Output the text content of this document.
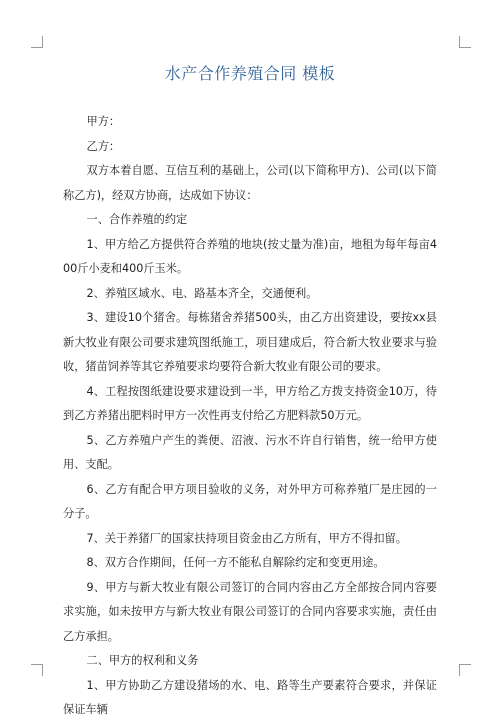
水产合作养殖合同 模板

甲方：

乙方：

双方本着自愿、互信互利的基础上，公司(以下简称甲方)、公司(以下简称乙方)，经双方协商，达成如下协议：

一、合作养殖的约定

1、甲方给乙方提供符合养殖的地块(按丈量为准)亩，地租为每年每亩400斤小麦和400斤玉米。

2、养殖区域水、电、路基本齐全，交通便利。

3、建设10个猪舍。每栋猪舍养猪500头，由乙方出资建设，要按xx县新大牧业有限公司要求建筑图纸施工，项目建成后，符合新大牧业要求与验收，猪苗饲养等其它养殖要求均要符合新大牧业有限公司的要求。

4、工程按图纸建设要求建设到一半，甲方给乙方拨支持资金10万，待到乙方养猪出肥料时甲方一次性再支付给乙方肥料款50万元。

5、乙方养殖户产生的粪便、沼液、污水不许自行销售，统一给甲方使用、支配。

6、乙方有配合甲方项目验收的义务，对外甲方可称养殖厂是庄园的一分子。

7、关于养猪厂的国家扶持项目资金由乙方所有，甲方不得扣留。

8、双方合作期间，任何一方不能私自解除约定和变更用途。

9、甲方与新大牧业有限公司签订的合同内容由乙方全部按合同内容要求实施，如未按甲方与新大牧业有限公司签订的合同内容要求实施，责任由乙方承担。

二、甲方的权利和义务

1、甲方协助乙方建设猪场的水、电、路等生产要素符合要求，并保证保证车辆
